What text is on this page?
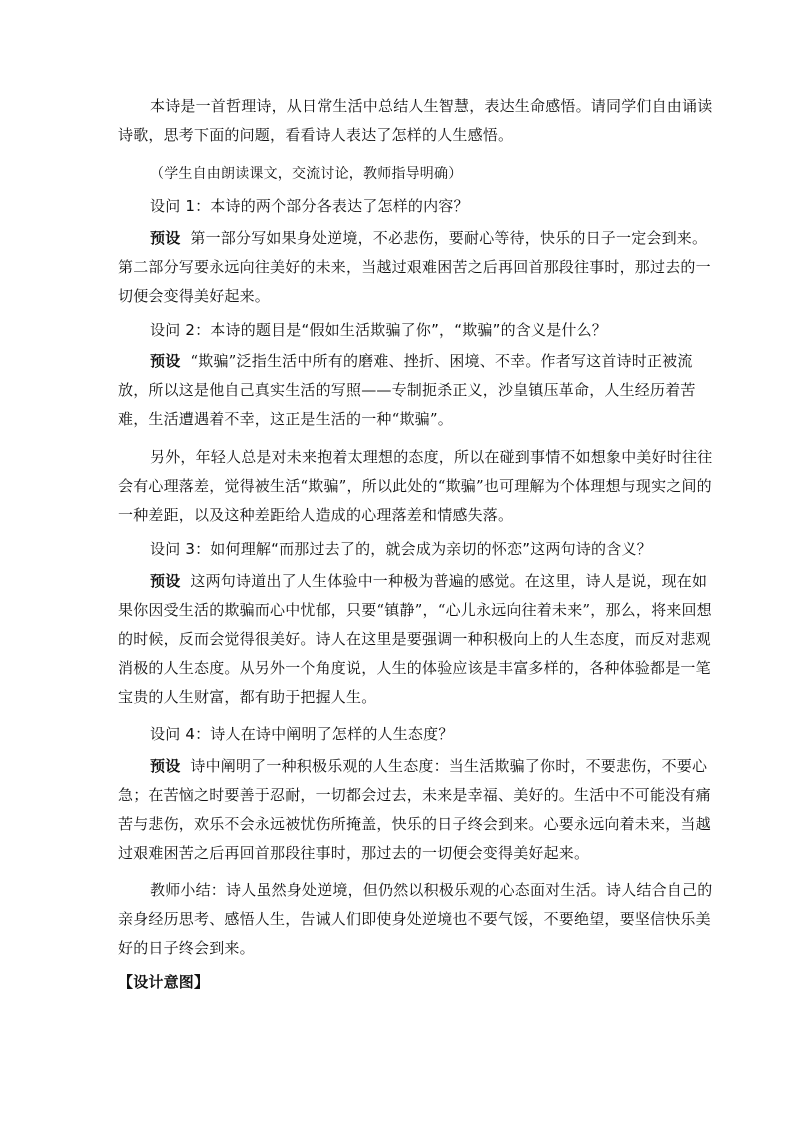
本诗是一首哲理诗，从日常生活中总结人生智慧，表达生命感悟。请同学们自由诵读诗歌，思考下面的问题，看看诗人表达了怎样的人生感悟。

（学生自由朗读课文，交流讨论，教师指导明确）

设问 1：本诗的两个部分各表达了怎样的内容？

预设 第一部分写如果身处逆境，不必悲伤，要耐心等待，快乐的日子一定会到来。第二部分写要永远向往美好的未来，当越过艰难困苦之后再回首那段往事时，那过去的一切便会变得美好起来。

设问 2：本诗的题目是“假如生活欺骗了你”，“欺骗”的含义是什么？

预设 “欺骗”泛指生活中所有的磨难、挫折、困境、不幸。作者写这首诗时正被流放，所以这是他自己真实生活的写照——专制扼杀正义，沙皇镇压革命，人生经历着苦难，生活遭遇着不幸，这正是生活的一种“欺骗”。

另外，年轻人总是对未来抱着太理想的态度，所以在碰到事情不如想象中美好时往往会有心理落差，觉得被生活“欺骗”，所以此处的“欺骗”也可理解为个体理想与现实之间的一种差距，以及这种差距给人造成的心理落差和情感失落。

设问 3：如何理解“而那过去了的，就会成为亲切的怀恋”这两句诗的含义？

预设 这两句诗道出了人生体验中一种极为普遍的感觉。在这里，诗人是说，现在如果你因受生活的欺骗而心中忧郁，只要“镇静”，“心儿永远向往着未来”，那么，将来回想的时候，反而会觉得很美好。诗人在这里是要强调一种积极向上的人生态度，而反对悲观消极的人生态度。从另外一个角度说，人生的体验应该是丰富多样的，各种体验都是一笔宝贵的人生财富，都有助于把握人生。

设问 4：诗人在诗中阐明了怎样的人生态度？

预设 诗中阐明了一种积极乐观的人生态度：当生活欺骗了你时，不要悲伤，不要心急；在苦恼之时要善于忍耐，一切都会过去，未来是幸福、美好的。生活中不可能没有痛苦与悲伤，欢乐不会永远被忧伤所掩盖，快乐的日子终会到来。心要永远向着未来，当越过艰难困苦之后再回首那段往事时，那过去的一切便会变得美好起来。

教师小结：诗人虽然身处逆境，但仍然以积极乐观的心态面对生活。诗人结合自己的亲身经历思考、感悟人生，告诫人们即使身处逆境也不要气馁，不要绝望，要坚信快乐美好的日子终会到来。

【设计意图】
